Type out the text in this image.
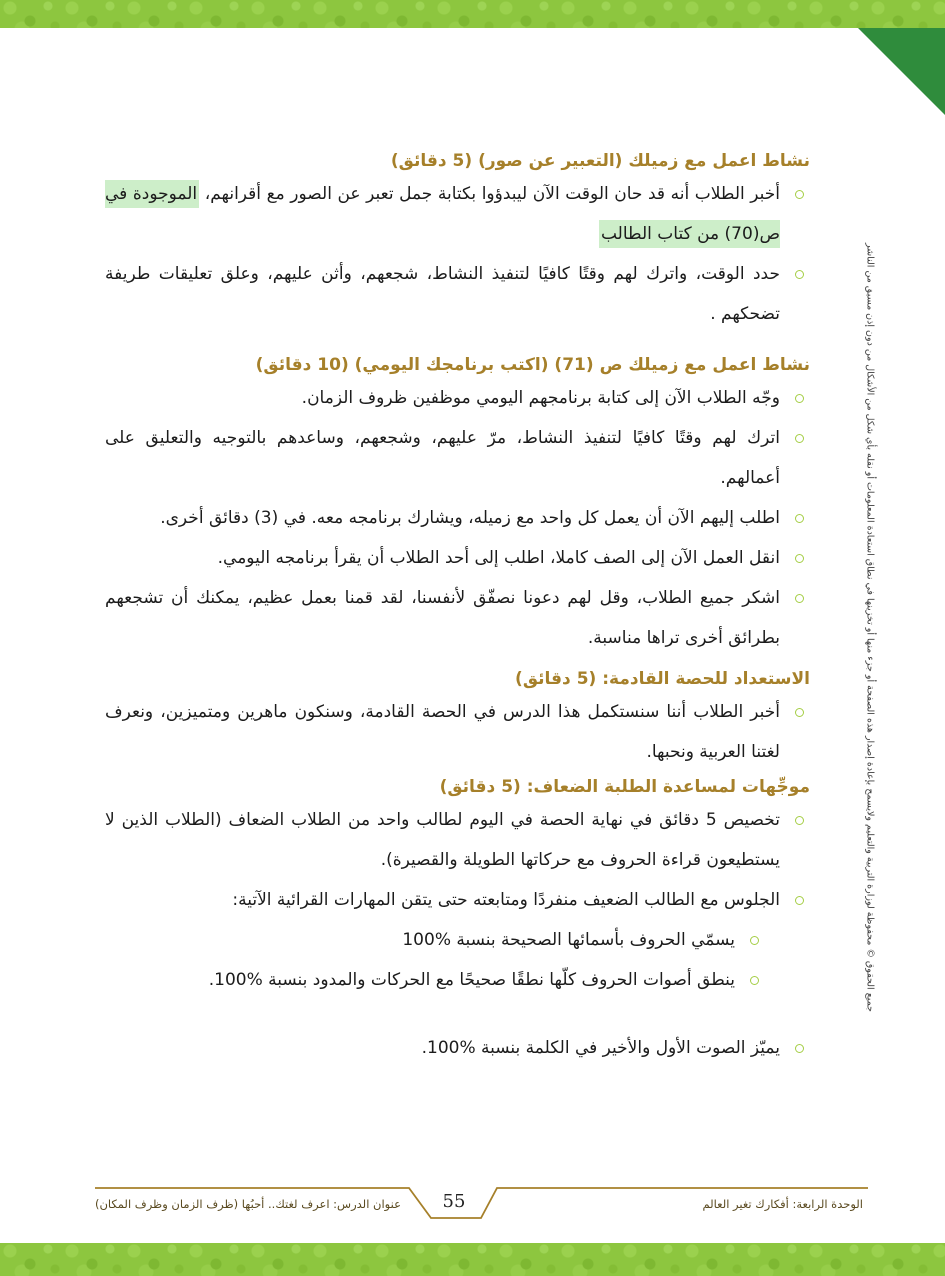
نشاط اعمل مع زميلك (التعبير عن صور) (5 دقائق)
أخبر الطلاب أنه قد حان الوقت الآن ليبدؤوا بكتابة جمل تعبر عن الصور مع أقرانهم، الموجودة في ص(70) من كتاب الطالب
حدد الوقت، واترك لهم وقتًا كافيًا لتنفيذ النشاط، شجعهم، وأثن عليهم، وعلق تعليقات طريفة تضحكهم .
نشاط اعمل مع زميلك ص (71) (اكتب برنامجك اليومي) (10 دقائق)
وجّه الطلاب الآن إلى كتابة برنامجهم اليومي موظفين ظروف الزمان.
اترك لهم وقتًا كافيًا لتنفيذ النشاط، مرّ عليهم، وشجعهم، وساعدهم بالتوجيه والتعليق على أعمالهم.
اطلب إليهم الآن أن يعمل كل واحد مع زميله، ويشارك برنامجه معه. في (3) دقائق أخرى.
انقل العمل الآن إلى الصف كاملا، اطلب إلى أحد الطلاب أن يقرأ برنامجه اليومي.
اشكر جميع الطلاب، وقل لهم دعونا نصفّق لأنفسنا، لقد قمنا بعمل عظيم، يمكنك أن تشجعهم بطرائق أخرى تراها مناسبة.
الاستعداد للحصة القادمة: (5 دقائق)
أخبر الطلاب أننا سنستكمل هذا الدرس في الحصة القادمة، وسنكون ماهرين ومتميزين، ونعرف لغتنا العربية ونحبها.
موجِّهات لمساعدة الطلبة الضعاف: (5 دقائق)
تخصيص 5 دقائق في نهاية الحصة في اليوم لطالب واحد من الطلاب الضعاف (الطلاب الذين لا يستطيعون قراءة الحروف مع حركاتها الطويلة والقصيرة).
الجلوس مع الطالب الضعيف منفردًا ومتابعته حتى يتقن المهارات القرائية الآتية:
يسمّي الحروف بأسمائها الصحيحة بنسبة %100
ينطق أصوات الحروف كلّها نطقًا صحيحًا مع الحركات والمدود بنسبة %100.
يميّز الصوت الأول والأخير في الكلمة بنسبة %100.
جميع الحقوق © محفوظة لوزارة التربية والتعليم ولايسمح بإعادة إصدار هذه الصفحة أو جزء منها أو تخزينها في نطاق استعادة المعلومات أو نقله بأي شكل من الأشكال من دون إذن مسبق من الناشر
55	الوحدة الرابعة: أفكارك تغير العالم
عنوان الدرس: اعرف لغتك.. أحبُها (ظرف الزمان وظرف المكان)
